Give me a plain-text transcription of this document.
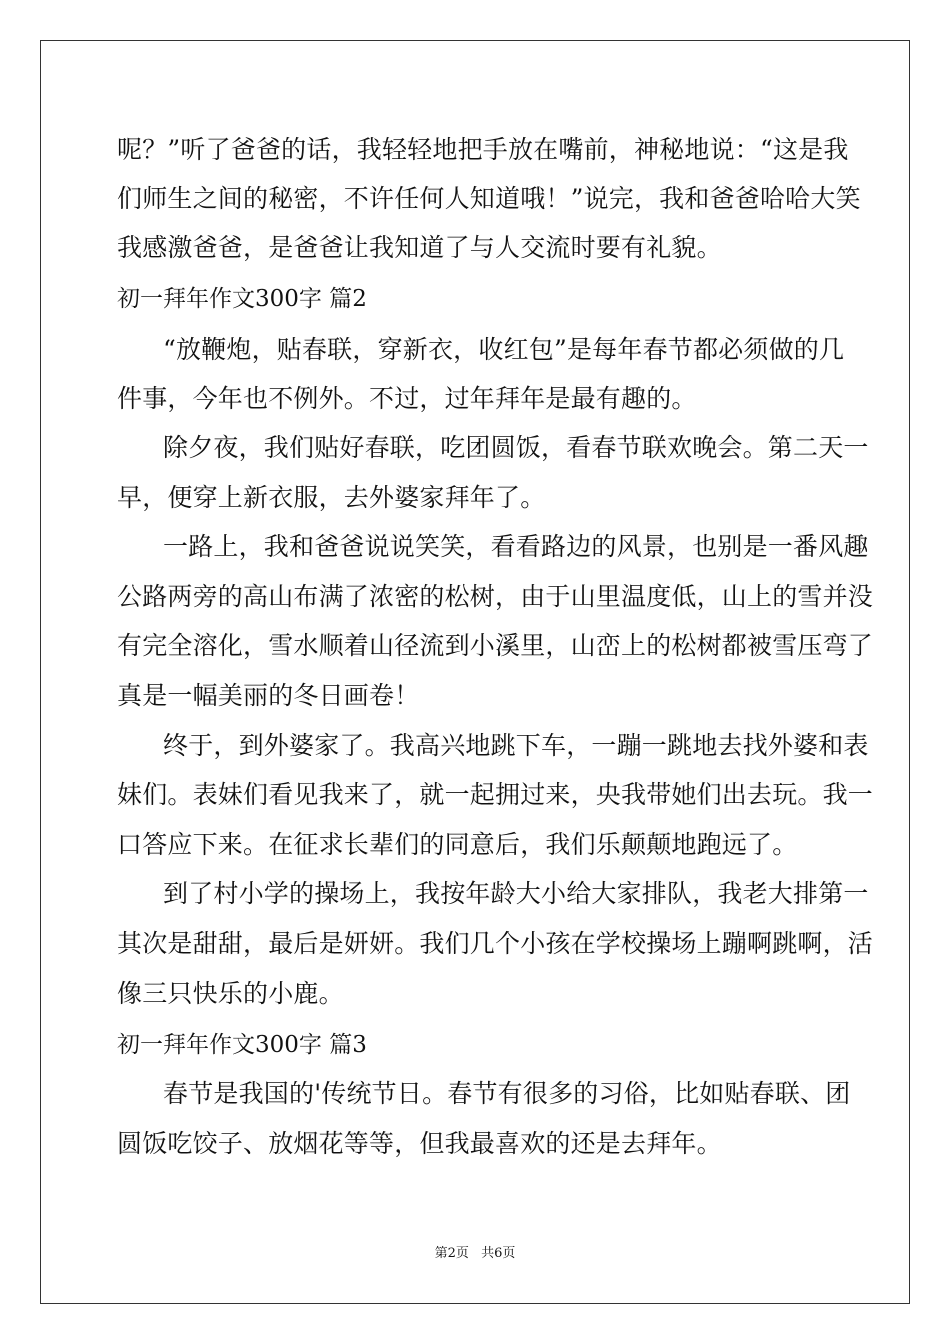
呢？”听了爸爸的话，我轻轻地把手放在嘴前，神秘地说：“这是我
们师生之间的秘密，不许任何人知道哦！”说完，我和爸爸哈哈大笑
我感激爸爸，是爸爸让我知道了与人交流时要有礼貌。
初一拜年作文300字 篇2
“放鞭炮，贴春联，穿新衣，收红包”是每年春节都必须做的几
件事，今年也不例外。不过，过年拜年是最有趣的。
除夕夜，我们贴好春联，吃团圆饭，看春节联欢晚会。第二天一
早，便穿上新衣服，去外婆家拜年了。
一路上，我和爸爸说说笑笑，看看路边的风景，也别是一番风趣
公路两旁的高山布满了浓密的松树，由于山里温度低，山上的雪并没
有完全溶化，雪水顺着山径流到小溪里，山峦上的松树都被雪压弯了
真是一幅美丽的冬日画卷！
终于，到外婆家了。我高兴地跳下车，一蹦一跳地去找外婆和表
妹们。表妹们看见我来了，就一起拥过来，央我带她们出去玩。我一
口答应下来。在征求长辈们的同意后，我们乐颠颠地跑远了。
到了村小学的操场上，我按年龄大小给大家排队，我老大排第一
其次是甜甜，最后是妍妍。我们几个小孩在学校操场上蹦啊跳啊，活
像三只快乐的小鹿。
初一拜年作文300字 篇3
春节是我国的'传统节日。春节有很多的习俗，比如贴春联、团
圆饭吃饺子、放烟花等等，但我最喜欢的还是去拜年。
第2页 共6页
